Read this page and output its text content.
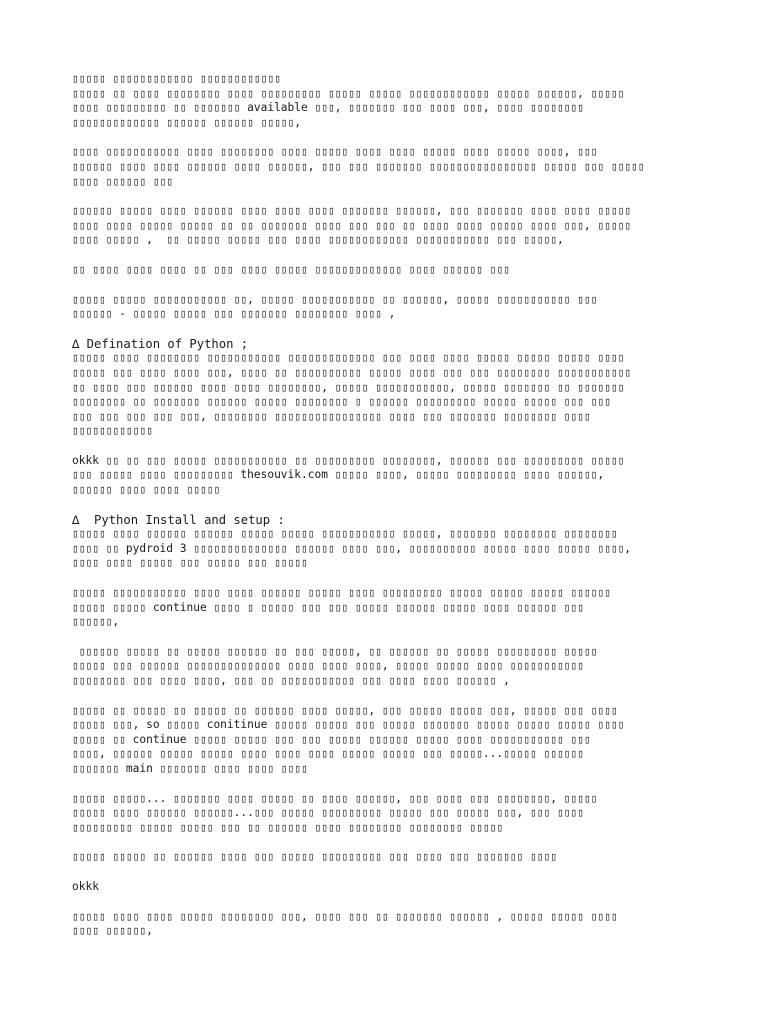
▯▯▯▯▯ ▯▯▯▯▯▯▯▯▯▯▯▯ ▯▯▯▯▯▯▯▯▯▯▯▯
▯▯▯▯▯ ▯▯ ▯▯▯▯ ▯▯▯▯▯▯▯▯ ▯▯▯▯ ▯▯▯▯▯▯▯▯▯ ▯▯▯▯▯ ▯▯▯▯▯ ▯▯▯▯▯▯▯▯▯▯▯▯ ▯▯▯▯▯ ▯▯▯▯▯▯, ▯▯▯▯▯
▯▯▯▯ ▯▯▯▯▯▯▯▯▯ ▯▯ ▯▯▯▯▯▯▯ available ▯▯▯, ▯▯▯▯▯▯▯ ▯▯▯ ▯▯▯▯ ▯▯▯, ▯▯▯▯ ▯▯▯▯▯▯▯▯
▯▯▯▯▯▯▯▯▯▯▯▯▯ ▯▯▯▯▯▯ ▯▯▯▯▯▯ ▯▯▯▯▯,
▯▯▯▯ ▯▯▯▯▯▯▯▯▯▯▯ ▯▯▯▯ ▯▯▯▯▯▯▯▯ ▯▯▯▯ ▯▯▯▯▯ ▯▯▯▯ ▯▯▯▯ ▯▯▯▯▯ ▯▯▯▯ ▯▯▯▯▯ ▯▯▯▯, ▯▯▯
▯▯▯▯▯▯ ▯▯▯▯ ▯▯▯▯ ▯▯▯▯▯▯ ▯▯▯▯ ▯▯▯▯▯▯, ▯▯▯ ▯▯▯ ▯▯▯▯▯▯▯ ▯▯▯▯▯▯▯▯▯▯▯▯▯▯▯▯ ▯▯▯▯▯ ▯▯▯ ▯▯▯▯▯
▯▯▯▯ ▯▯▯▯▯▯ ▯▯▯
▯▯▯▯▯▯ ▯▯▯▯▯ ▯▯▯▯ ▯▯▯▯▯▯ ▯▯▯▯ ▯▯▯▯ ▯▯▯▯ ▯▯▯▯▯▯▯ ▯▯▯▯▯▯, ▯▯▯ ▯▯▯▯▯▯▯ ▯▯▯▯ ▯▯▯▯ ▯▯▯▯▯
▯▯▯▯ ▯▯▯▯ ▯▯▯▯▯ ▯▯▯▯▯ ▯▯ ▯▯ ▯▯▯▯▯▯▯ ▯▯▯▯ ▯▯▯ ▯▯▯ ▯▯ ▯▯▯▯ ▯▯▯▯ ▯▯▯▯▯ ▯▯▯▯ ▯▯▯, ▯▯▯▯▯
▯▯▯▯ ▯▯▯▯▯ ,  ▯▯ ▯▯▯▯▯ ▯▯▯▯▯ ▯▯▯ ▯▯▯▯ ▯▯▯▯▯▯▯▯▯▯▯▯ ▯▯▯▯▯▯▯▯▯▯▯ ▯▯▯ ▯▯▯▯▯,
▯▯ ▯▯▯▯ ▯▯▯▯ ▯▯▯▯ ▯▯ ▯▯▯ ▯▯▯▯ ▯▯▯▯▯ ▯▯▯▯▯▯▯▯▯▯▯▯▯ ▯▯▯▯ ▯▯▯▯▯▯ ▯▯▯
▯▯▯▯▯ ▯▯▯▯▯ ▯▯▯▯▯▯▯▯▯▯▯ ▯▯, ▯▯▯▯▯ ▯▯▯▯▯▯▯▯▯▯▯ ▯▯ ▯▯▯▯▯▯, ▯▯▯▯▯ ▯▯▯▯▯▯▯▯▯▯▯ ▯▯▯
▯▯▯▯▯▯ - ▯▯▯▯▯ ▯▯▯▯▯ ▯▯▯ ▯▯▯▯▯▯▯ ▯▯▯▯▯▯▯▯ ▯▯▯▯ ,
∆ Defination of Python ;
▯▯▯▯▯ ▯▯▯▯ ▯▯▯▯▯▯▯▯ ▯▯▯▯▯▯▯▯▯▯▯ ▯▯▯▯▯▯▯▯▯▯▯▯▯ ▯▯▯ ▯▯▯▯ ▯▯▯▯ ▯▯▯▯▯ ▯▯▯▯▯ ▯▯▯▯▯ ▯▯▯▯
▯▯▯▯▯ ▯▯▯ ▯▯▯▯ ▯▯▯▯ ▯▯▯, ▯▯▯▯ ▯▯ ▯▯▯▯▯▯▯▯▯▯ ▯▯▯▯▯ ▯▯▯▯ ▯▯▯ ▯▯▯ ▯▯▯▯▯▯▯▯ ▯▯▯▯▯▯▯▯▯▯▯
▯▯ ▯▯▯▯ ▯▯▯ ▯▯▯▯▯▯ ▯▯▯▯ ▯▯▯▯ ▯▯▯▯▯▯▯▯, ▯▯▯▯▯ ▯▯▯▯▯▯▯▯▯▯▯, ▯▯▯▯▯ ▯▯▯▯▯▯▯ ▯▯ ▯▯▯▯▯▯▯
▯▯▯▯▯▯▯▯ ▯▯ ▯▯▯▯▯▯▯ ▯▯▯▯▯▯ ▯▯▯▯▯ ▯▯▯▯▯▯▯▯ ▯ ▯▯▯▯▯▯ ▯▯▯▯▯▯▯▯▯ ▯▯▯▯▯ ▯▯▯▯▯ ▯▯▯ ▯▯▯
▯▯▯ ▯▯▯ ▯▯▯ ▯▯▯ ▯▯▯, ▯▯▯▯▯▯▯▯ ▯▯▯▯▯▯▯▯▯▯▯▯▯▯▯▯ ▯▯▯▯ ▯▯▯ ▯▯▯▯▯▯▯ ▯▯▯▯▯▯▯▯ ▯▯▯▯
▯▯▯▯▯▯▯▯▯▯▯▯
okkk ▯▯ ▯▯ ▯▯▯ ▯▯▯▯▯ ▯▯▯▯▯▯▯▯▯▯▯ ▯▯ ▯▯▯▯▯▯▯▯▯ ▯▯▯▯▯▯▯▯, ▯▯▯▯▯▯ ▯▯▯ ▯▯▯▯▯▯▯▯▯ ▯▯▯▯▯
▯▯▯ ▯▯▯▯▯ ▯▯▯▯ ▯▯▯▯▯▯▯▯▯ thesouvik.com ▯▯▯▯▯ ▯▯▯▯, ▯▯▯▯▯ ▯▯▯▯▯▯▯▯▯ ▯▯▯▯ ▯▯▯▯▯▯,
▯▯▯▯▯▯ ▯▯▯▯ ▯▯▯▯ ▯▯▯▯▯
∆  Python Install and setup :
▯▯▯▯▯ ▯▯▯▯ ▯▯▯▯▯▯ ▯▯▯▯▯▯ ▯▯▯▯▯ ▯▯▯▯▯ ▯▯▯▯▯▯▯▯▯▯▯ ▯▯▯▯▯, ▯▯▯▯▯▯▯ ▯▯▯▯▯▯▯▯ ▯▯▯▯▯▯▯▯
▯▯▯▯ ▯▯ pydroid 3 ▯▯▯▯▯▯▯▯▯▯▯▯▯▯ ▯▯▯▯▯▯ ▯▯▯▯ ▯▯▯, ▯▯▯▯▯▯▯▯▯▯ ▯▯▯▯▯ ▯▯▯▯ ▯▯▯▯▯ ▯▯▯▯,
▯▯▯▯ ▯▯▯▯ ▯▯▯▯▯ ▯▯▯ ▯▯▯▯▯ ▯▯▯ ▯▯▯▯▯
▯▯▯▯▯ ▯▯▯▯▯▯▯▯▯▯▯ ▯▯▯▯ ▯▯▯▯ ▯▯▯▯▯▯ ▯▯▯▯▯ ▯▯▯▯ ▯▯▯▯▯▯▯▯▯ ▯▯▯▯▯ ▯▯▯▯▯ ▯▯▯▯▯ ▯▯▯▯▯▯
▯▯▯▯▯ ▯▯▯▯▯ continue ▯▯▯▯ ▯ ▯▯▯▯▯ ▯▯▯ ▯▯▯ ▯▯▯▯▯ ▯▯▯▯▯▯ ▯▯▯▯▯ ▯▯▯▯ ▯▯▯▯▯▯ ▯▯▯
▯▯▯▯▯▯,
▯▯▯▯▯▯ ▯▯▯▯▯ ▯▯ ▯▯▯▯▯ ▯▯▯▯▯▯ ▯▯ ▯▯▯ ▯▯▯▯▯, ▯▯ ▯▯▯▯▯▯ ▯▯ ▯▯▯▯▯ ▯▯▯▯▯▯▯▯▯ ▯▯▯▯▯
▯▯▯▯▯ ▯▯▯ ▯▯▯▯▯▯ ▯▯▯▯▯▯▯▯▯▯▯▯▯▯ ▯▯▯▯ ▯▯▯▯ ▯▯▯▯, ▯▯▯▯▯ ▯▯▯▯▯ ▯▯▯▯ ▯▯▯▯▯▯▯▯▯▯▯
▯▯▯▯▯▯▯▯ ▯▯▯ ▯▯▯▯ ▯▯▯▯, ▯▯▯ ▯▯ ▯▯▯▯▯▯▯▯▯▯▯ ▯▯▯ ▯▯▯▯ ▯▯▯▯ ▯▯▯▯▯▯ ,
▯▯▯▯▯ ▯▯ ▯▯▯▯▯ ▯▯ ▯▯▯▯▯ ▯▯ ▯▯▯▯▯▯ ▯▯▯▯ ▯▯▯▯▯, ▯▯▯ ▯▯▯▯▯ ▯▯▯▯▯ ▯▯▯, ▯▯▯▯▯ ▯▯▯ ▯▯▯▯
▯▯▯▯▯ ▯▯▯, so ▯▯▯▯▯ conitinue ▯▯▯▯▯ ▯▯▯▯▯ ▯▯▯ ▯▯▯▯▯ ▯▯▯▯▯▯▯ ▯▯▯▯▯ ▯▯▯▯▯ ▯▯▯▯▯ ▯▯▯▯
▯▯▯▯▯ ▯▯ continue ▯▯▯▯▯ ▯▯▯▯▯ ▯▯▯ ▯▯▯ ▯▯▯▯▯ ▯▯▯▯▯▯ ▯▯▯▯▯ ▯▯▯▯ ▯▯▯▯▯▯▯▯▯▯▯ ▯▯▯
▯▯▯▯, ▯▯▯▯▯▯ ▯▯▯▯▯ ▯▯▯▯▯ ▯▯▯▯ ▯▯▯▯ ▯▯▯▯ ▯▯▯▯▯ ▯▯▯▯▯ ▯▯▯ ▯▯▯▯▯...▯▯▯▯▯ ▯▯▯▯▯▯
▯▯▯▯▯▯▯ main ▯▯▯▯▯▯▯ ▯▯▯▯ ▯▯▯▯ ▯▯▯▯
▯▯▯▯▯ ▯▯▯▯▯... ▯▯▯▯▯▯▯ ▯▯▯▯ ▯▯▯▯▯ ▯▯ ▯▯▯▯ ▯▯▯▯▯▯, ▯▯▯ ▯▯▯▯ ▯▯▯ ▯▯▯▯▯▯▯▯, ▯▯▯▯▯
▯▯▯▯▯ ▯▯▯▯ ▯▯▯▯▯▯ ▯▯▯▯▯▯...▯▯▯ ▯▯▯▯▯ ▯▯▯▯▯▯▯▯▯ ▯▯▯▯▯ ▯▯▯ ▯▯▯▯▯ ▯▯▯, ▯▯▯ ▯▯▯▯
▯▯▯▯▯▯▯▯▯ ▯▯▯▯▯ ▯▯▯▯▯ ▯▯▯ ▯▯ ▯▯▯▯▯▯ ▯▯▯▯ ▯▯▯▯▯▯▯▯ ▯▯▯▯▯▯▯▯ ▯▯▯▯▯
▯▯▯▯▯ ▯▯▯▯▯ ▯▯ ▯▯▯▯▯▯ ▯▯▯▯ ▯▯▯ ▯▯▯▯▯ ▯▯▯▯▯▯▯▯▯ ▯▯▯ ▯▯▯▯ ▯▯▯ ▯▯▯▯▯▯▯ ▯▯▯▯
okkk
▯▯▯▯▯ ▯▯▯▯ ▯▯▯▯ ▯▯▯▯▯ ▯▯▯▯▯▯▯▯ ▯▯▯, ▯▯▯▯ ▯▯▯ ▯▯ ▯▯▯▯▯▯▯ ▯▯▯▯▯▯ , ▯▯▯▯▯ ▯▯▯▯▯ ▯▯▯▯
▯▯▯▯ ▯▯▯▯▯▯,
